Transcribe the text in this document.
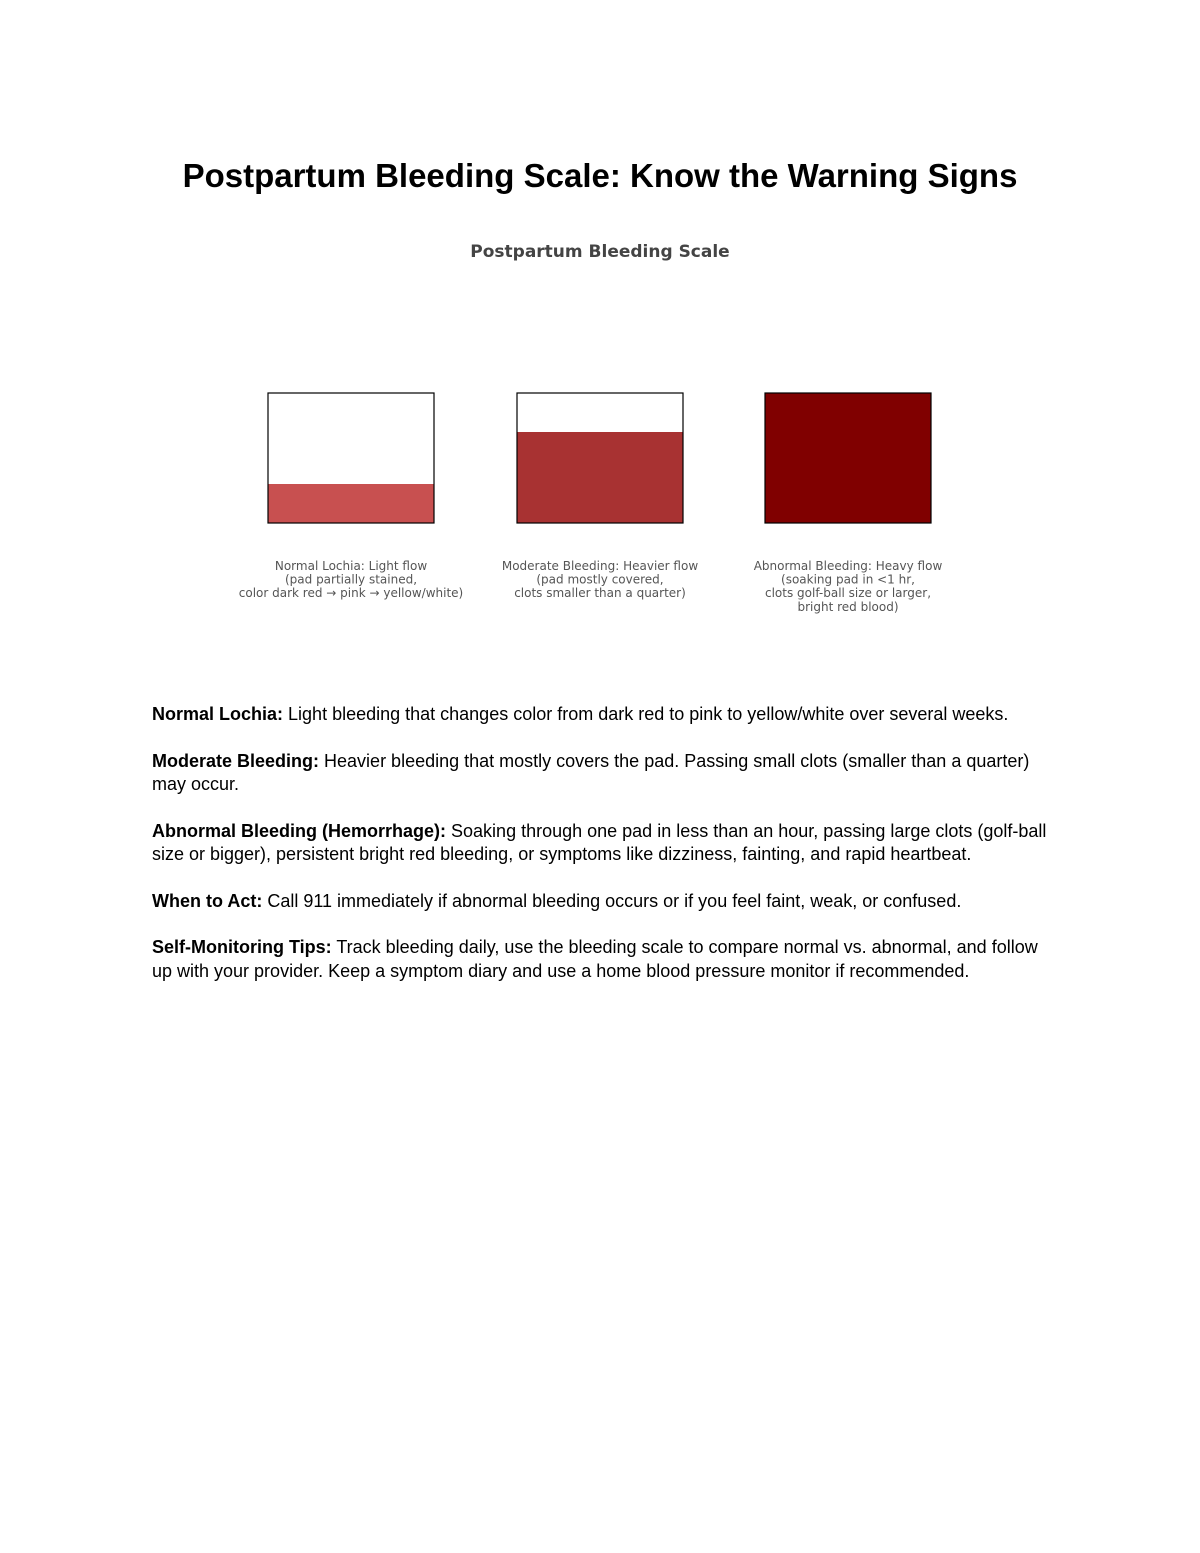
Postpartum Bleeding Scale: Know the Warning Signs
Postpartum Bleeding Scale
Normal Lochia: Light flow
(pad partially stained,
color dark red → pink → yellow/white)
Moderate Bleeding: Heavier flow
(pad mostly covered,
clots smaller than a quarter)
Abnormal Bleeding: Heavy flow
(soaking pad in <1 hr,
clots golf-ball size or larger,
bright red blood)

Normal Lochia: Light bleeding that changes color from dark red to pink to yellow/white over several weeks.

Moderate Bleeding: Heavier bleeding that mostly covers the pad. Passing small clots (smaller than a quarter) may occur.

Abnormal Bleeding (Hemorrhage): Soaking through one pad in less than an hour, passing large clots (golf-ball size or bigger), persistent bright red bleeding, or symptoms like dizziness, fainting, and rapid heartbeat.

When to Act: Call 911 immediately if abnormal bleeding occurs or if you feel faint, weak, or confused.

Self-Monitoring Tips: Track bleeding daily, use the bleeding scale to compare normal vs. abnormal, and follow up with your provider. Keep a symptom diary and use a home blood pressure monitor if recommended.
